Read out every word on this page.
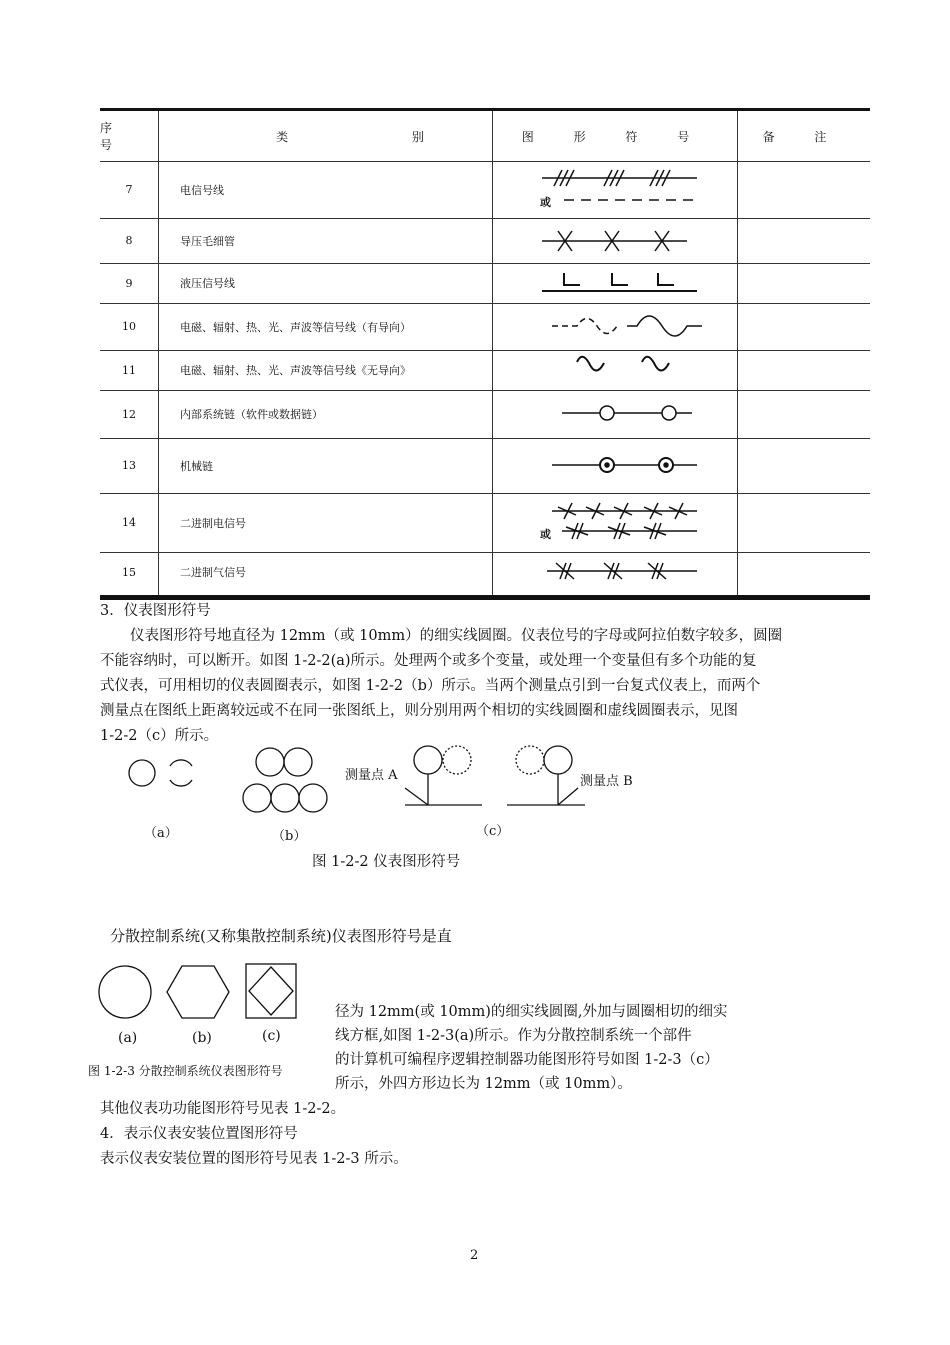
序 号
类 别	图 形 符 号	备 注
7	电信号线
8	导压毛细管
9	液压信号线
10	电磁、辐射、热、光、声波等信号线（有导向）
11	电磁、辐射、热、光、声波等信号线《无导向》
12	内部系统链（软件或数据链）
13	机械链
14	二进制电信号
15	二进制气信号
或
或
3．仪表图形符号
仪表图形符号地直径为 12mm（或 10mm）的细实线圆圈。仪表位号的字母或阿拉伯数字较多，圆圈
不能容纳时，可以断开。如图 1-2-2(a)所示。处理两个或多个变量，或处理一个变量但有多个功能的复
式仪表，可用相切的仪表圆圈表示，如图 1-2-2（b）所示。当两个测量点引到一台复式仪表上，而两个
测量点在图纸上距离较远或不在同一张图纸上，则分别用两个相切的实线圆圈和虚线圆圈表示，见图
1-2-2（c）所示。
测量点 A	测量点 B
（a）	（b）	（c）
图 1-2-2 仪表图形符号
分散控制系统(又称集散控制系统)仪表图形符号是直
(a)	(b)	(c)
图 1-2-3 分散控制系统仪表图形符号
径为 12mm(或 10mm)的细实线圆圈,外加与圆圈相切的细实
线方框,如图 1-2-3(a)所示。作为分散控制系统一个部件
的计算机可编程序逻辑控制器功能图形符号如图 1-2-3（c）
所示，外四方形边长为 12mm（或 10mm）。
其他仪表功功能图形符号见表 1-2-2。
4．表示仪表安装位置图形符号
表示仪表安装位置的图形符号见表 1-2-3 所示。
2
